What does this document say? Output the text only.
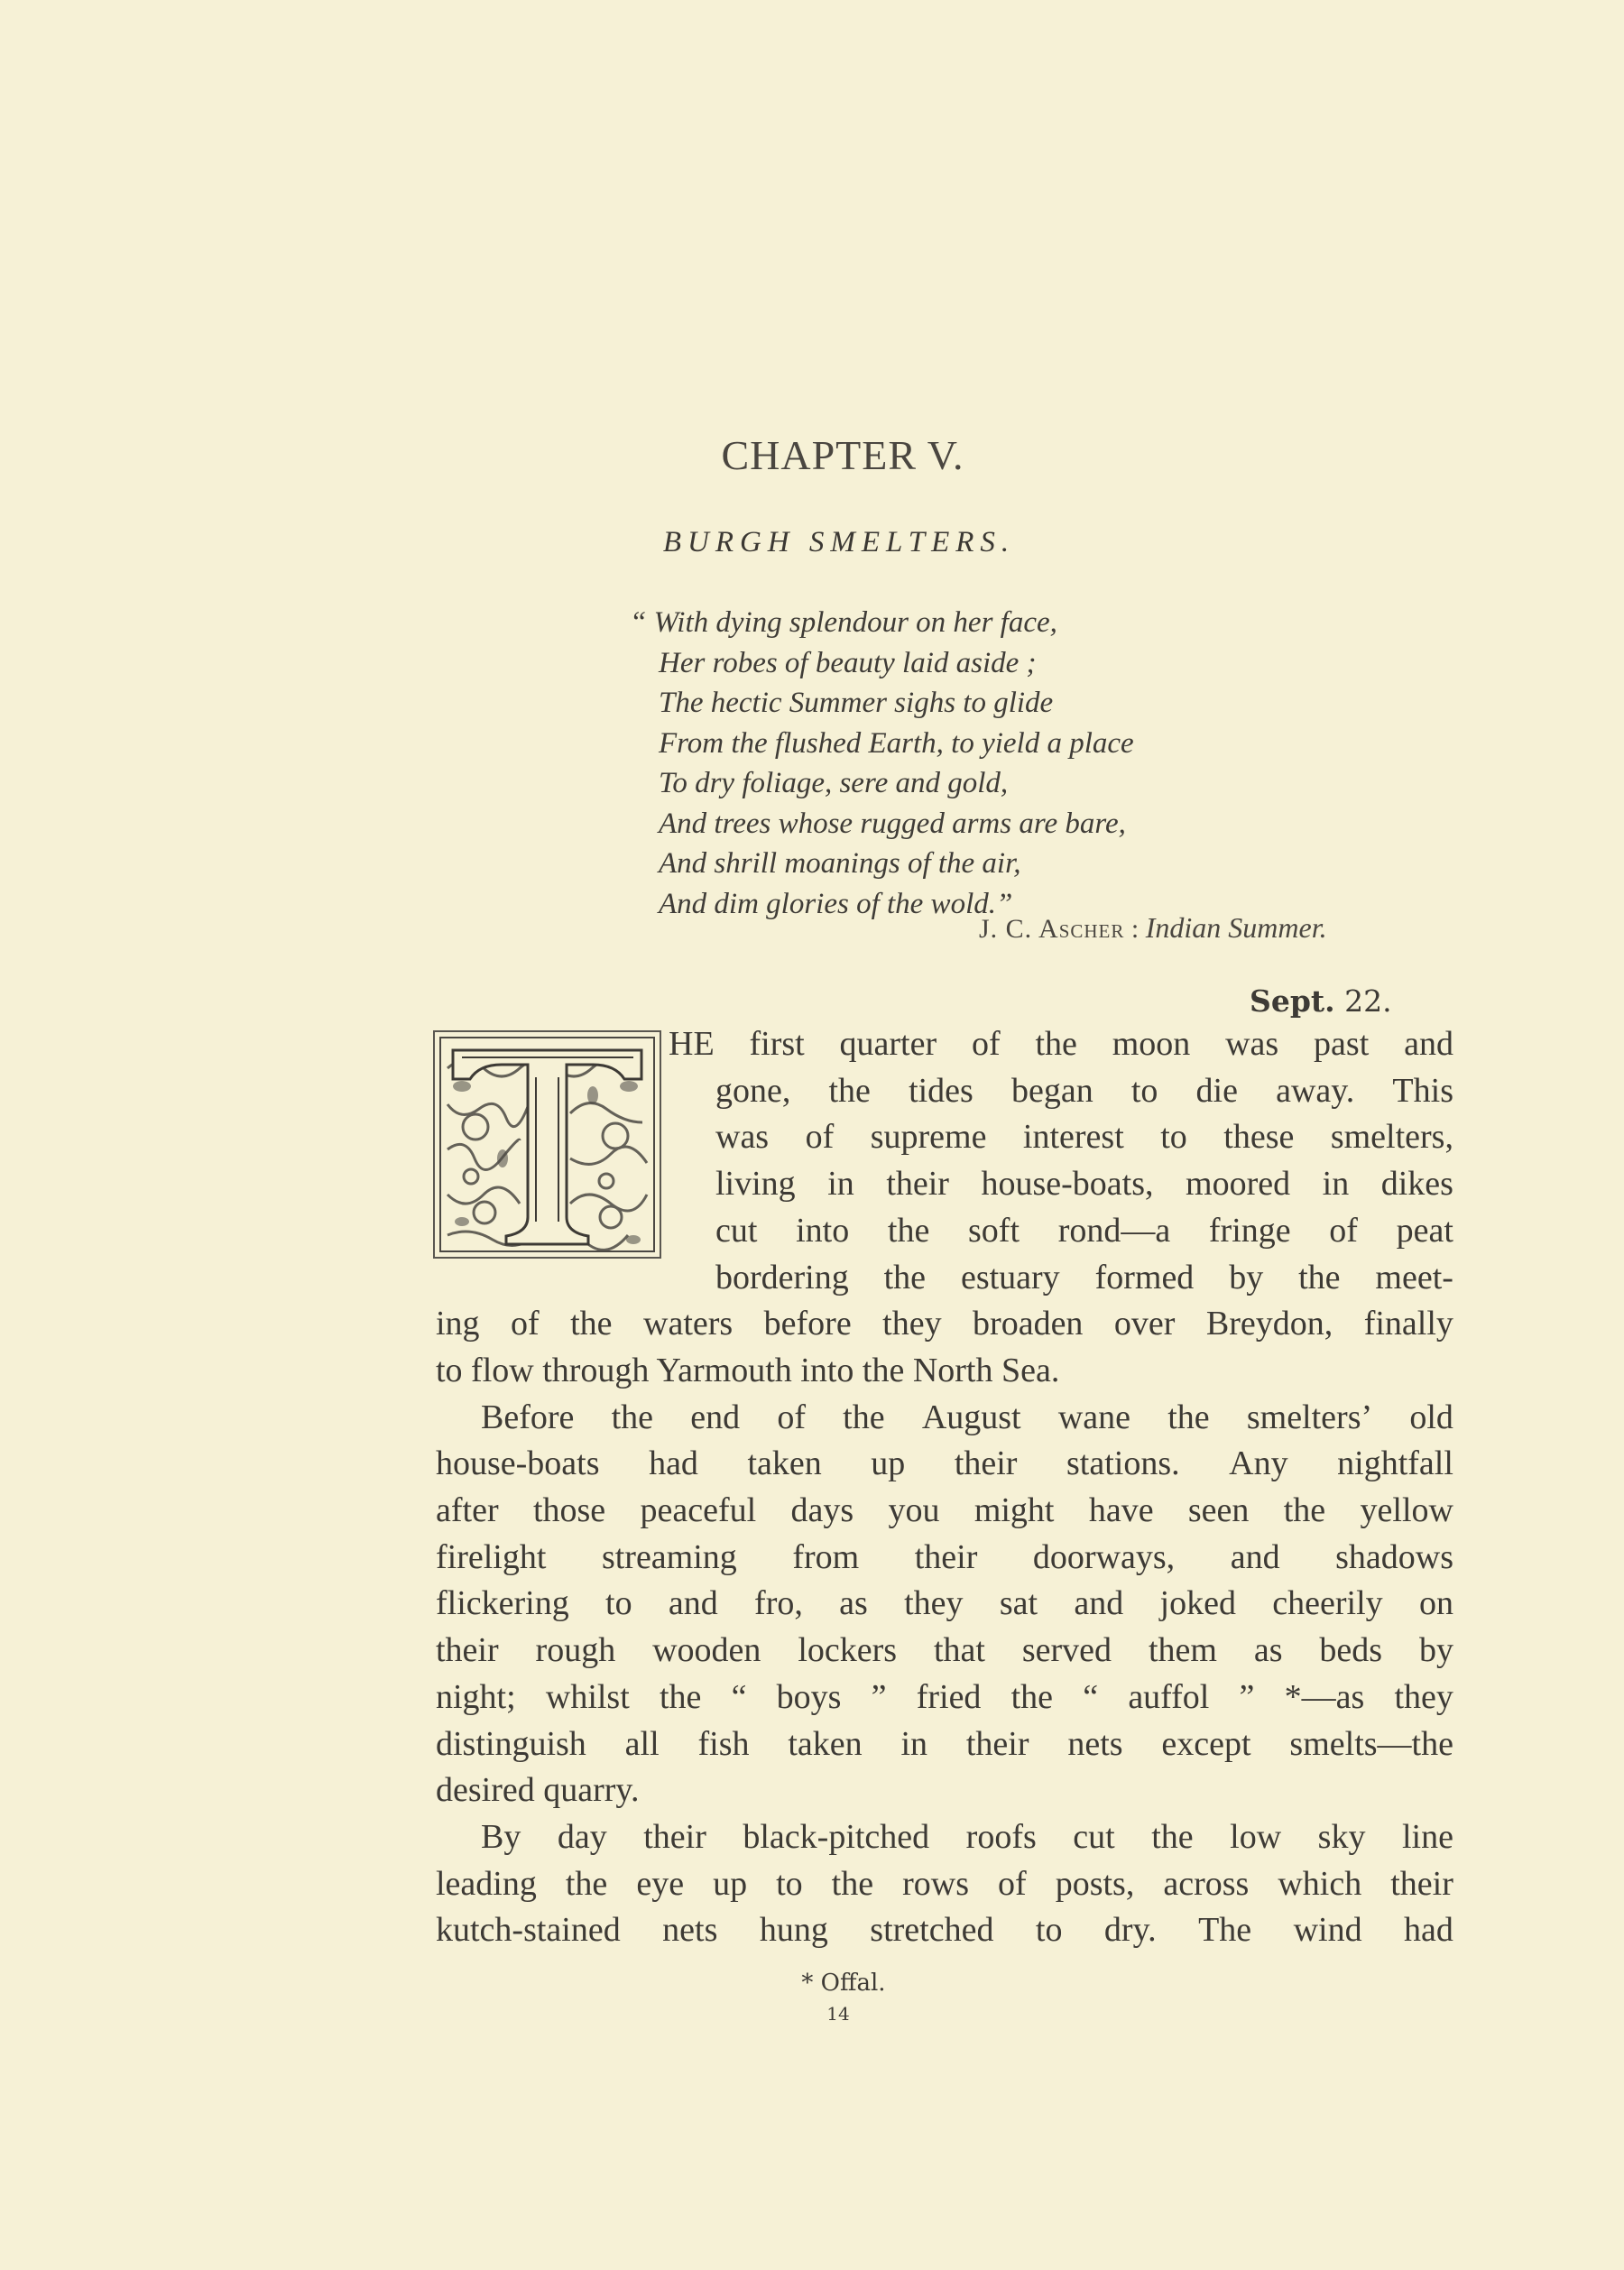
CHAPTER V.
BURGH SMELTERS.
“ With dying splendour on her face,
Her robes of beauty laid aside ;
The hectic Summer sighs to glide
From the flushed Earth, to yield a place
To dry foliage, sere and gold,
And trees whose rugged arms are bare,
And shrill moanings of the air,
And dim glories of the wold.”
J. C. Ascher : Indian Summer.
Sept. 22.
HE first quarter of the moon was past and
gone, the tides began to die away. This
was of supreme interest to these smelters,
living in their house-boats, moored in dikes
cut into the soft rond—a fringe of peat
bordering the estuary formed by the meet-
ing of the waters before they broaden over Breydon, finally
to flow through Yarmouth into the North Sea.
Before the end of the August wane the smelters’ old
house-boats had taken up their stations. Any nightfall
after those peaceful days you might have seen the yellow
firelight streaming from their doorways, and shadows
flickering to and fro, as they sat and joked cheerily on
their rough wooden lockers that served them as beds by
night; whilst the “ boys ” fried the “ auffol ” *—as they
distinguish all fish taken in their nets except smelts—the
desired quarry.
By day their black-pitched roofs cut the low sky line
leading the eye up to the rows of posts, across which their
kutch-stained nets hung stretched to dry. The wind had
* Offal.
14
